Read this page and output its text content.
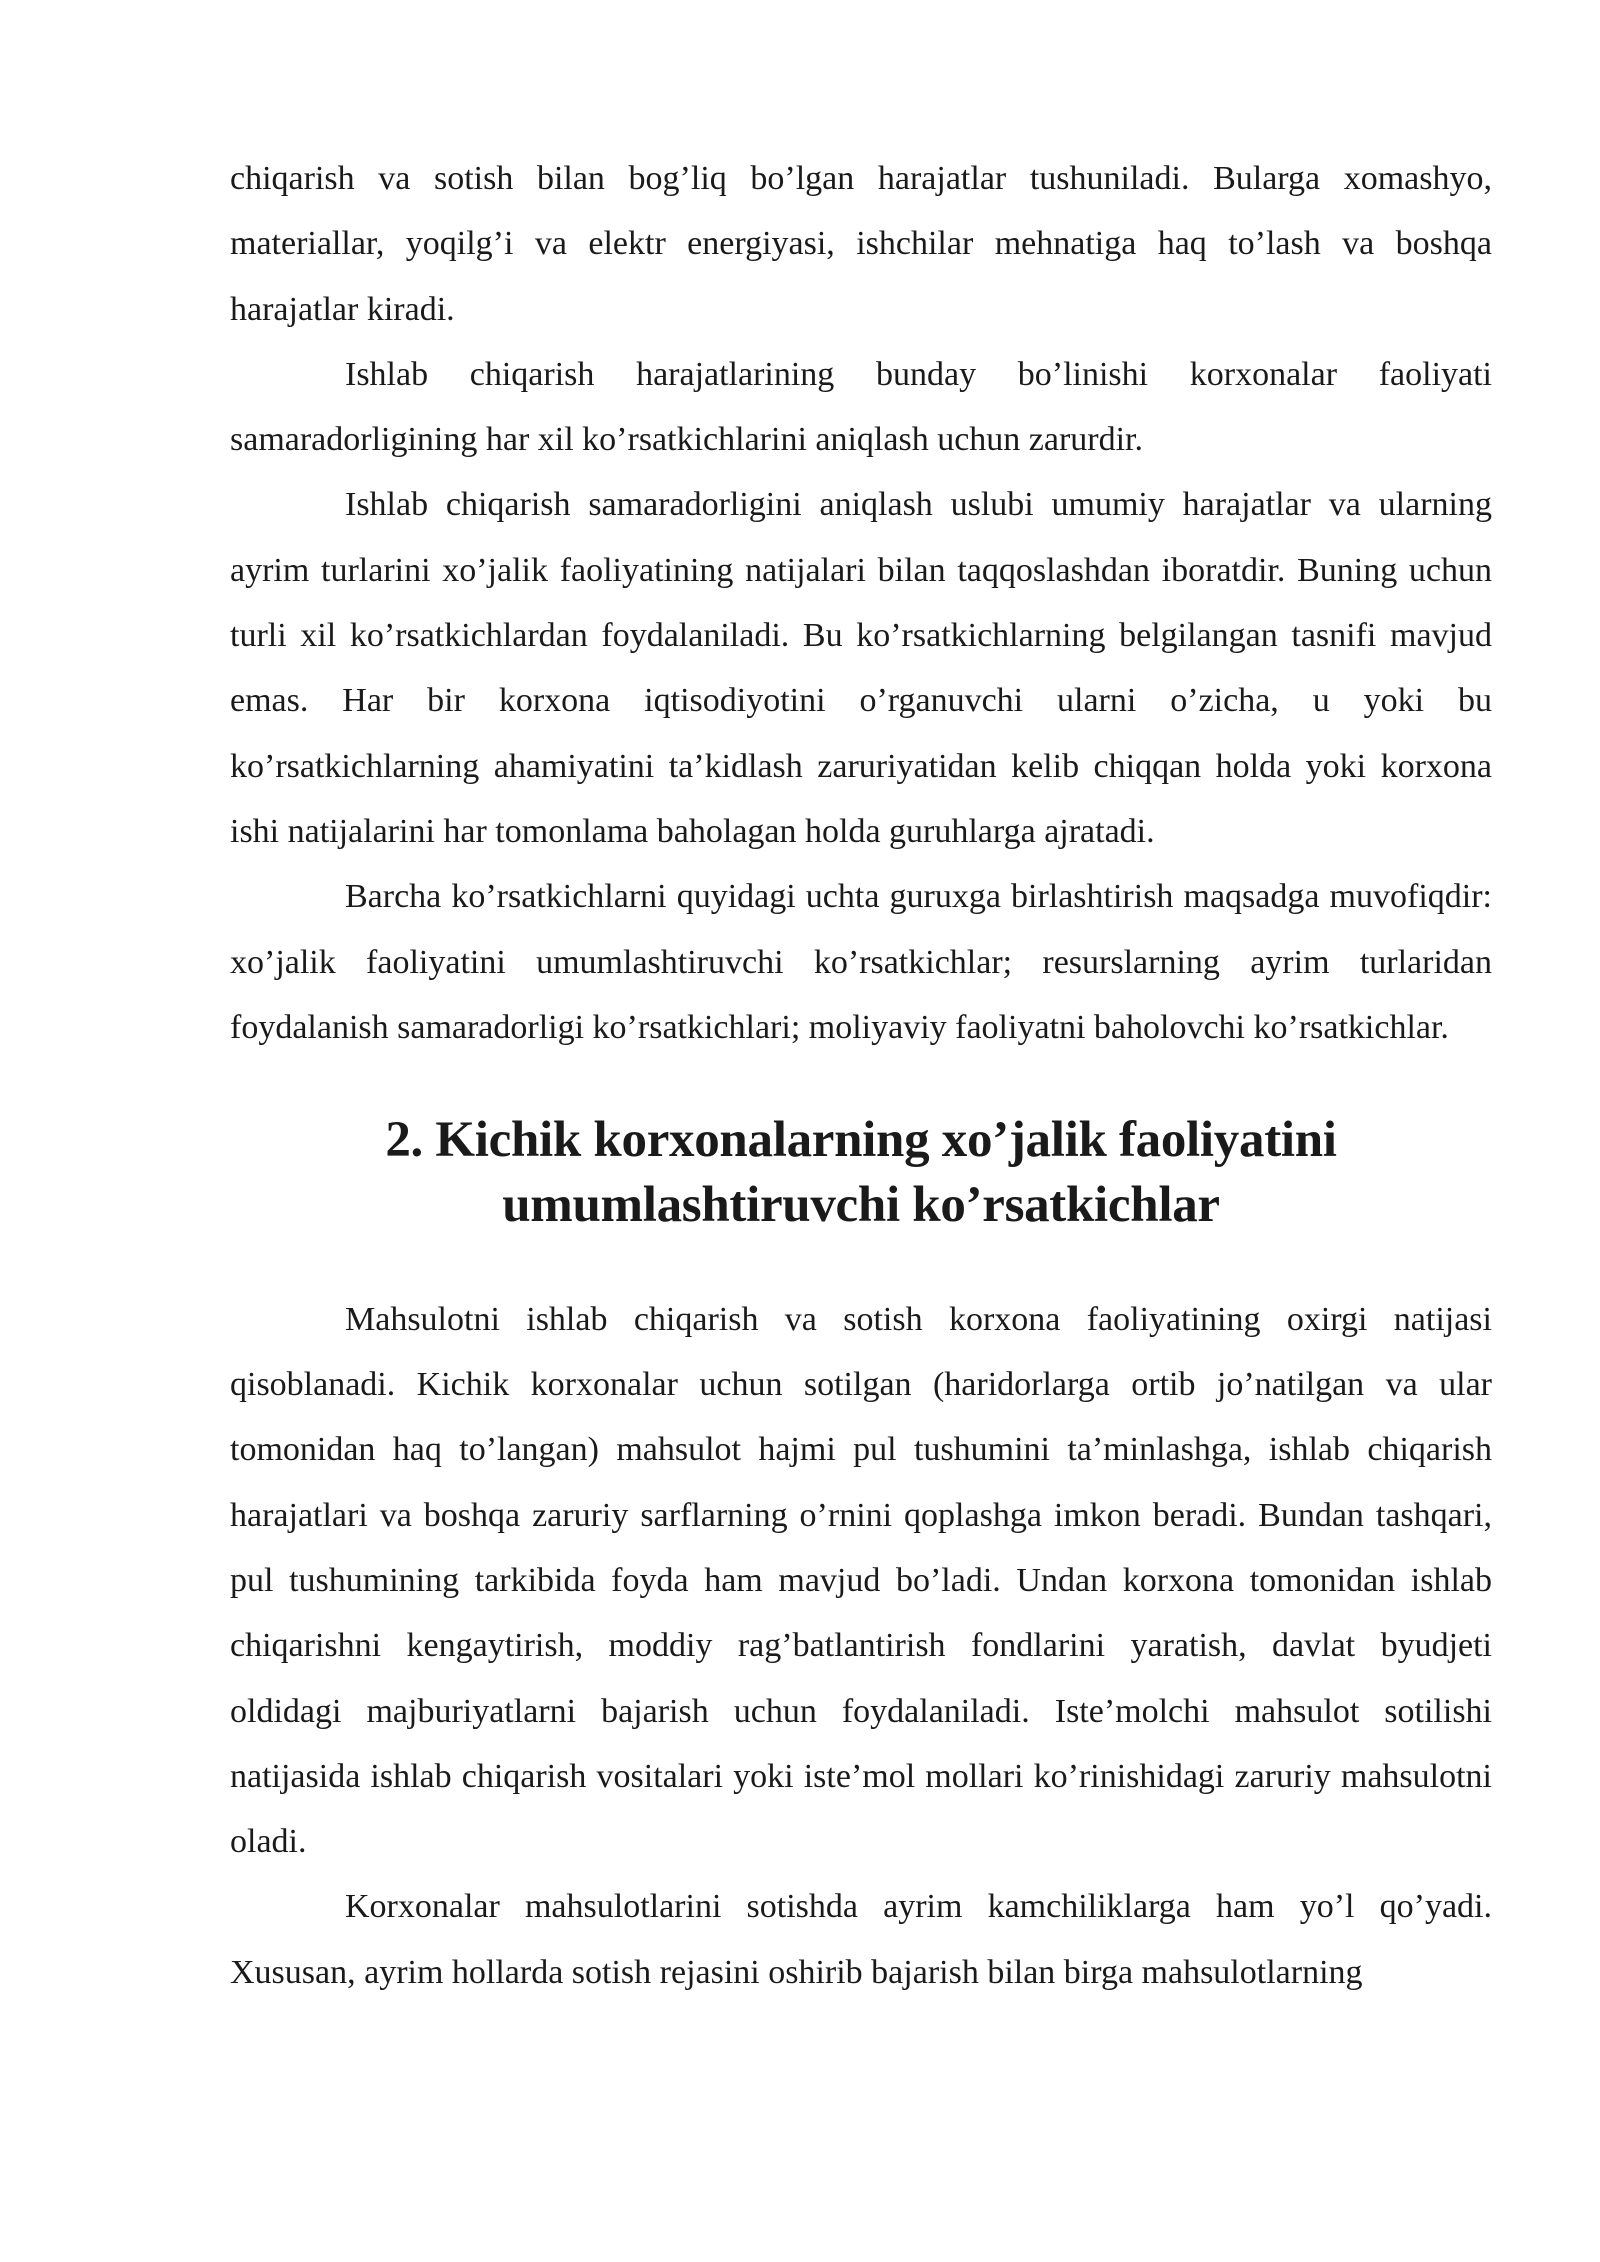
chiqarish va sotish bilan bog’liq bo’lgan harajatlar tushuniladi. Bularga xomashyo, materiallar, yoqilg’i va elektr energiyasi, ishchilar mehnatiga haq to’lash va boshqa harajatlar kiradi.

Ishlab chiqarish harajatlarining bunday bo’linishi korxonalar faoliyati samaradorligining har xil ko’rsatkichlarini aniqlash uchun zarurdir.

Ishlab chiqarish samaradorligini aniqlash uslubi umumiy harajatlar va ularning ayrim turlarini xo’jalik faoliyatining natijalari bilan taqqoslashdan iboratdir. Buning uchun turli xil ko’rsatkichlardan foydalaniladi. Bu ko’rsatkichlarning belgilangan tasnifi mavjud emas. Har bir korxona iqtisodiyotini o’rganuvchi ularni o’zicha, u yoki bu ko’rsatkichlarning ahamiyatini ta’kidlash zaruriyatidan kelib chiqqan holda yoki korxona ishi natijalarini har tomonlama baholagan holda guruhlarga ajratadi.

Barcha ko’rsatkichlarni quyidagi uchta guruxga birlashtirish maqsadga muvofiqdir: xo’jalik faoliyatini umumlashtiruvchi ko’rsatkichlar; resurslarning ayrim turlaridan foydalanish samaradorligi ko’rsatkichlari; moliyaviy faoliyatni baholovchi ko’rsatkichlar.

2. Kichik korxonalarning xo’jalik faoliyatini umumlashtiruvchi ko’rsatkichlar

Mahsulotni ishlab chiqarish va sotish korxona faoliyatining oxirgi natijasi qisoblanadi. Kichik korxonalar uchun sotilgan (haridorlarga ortib jo’natilgan va ular tomonidan haq to’langan) mahsulot hajmi pul tushumini ta’minlashga, ishlab chiqarish harajatlari va boshqa zaruriy sarflarning o’rnini qoplashga imkon beradi. Bundan tashqari, pul tushumining tarkibida foyda ham mavjud bo’ladi. Undan korxona tomonidan ishlab chiqarishni kengaytirish, moddiy rag’batlantirish fondlarini yaratish, davlat byudjeti oldidagi majburiyatlarni bajarish uchun foydalaniladi. Iste’molchi mahsulot sotilishi natijasida ishlab chiqarish vositalari yoki iste’mol mollari ko’rinishidagi zaruriy mahsulotni oladi.

Korxonalar mahsulotlarini sotishda ayrim kamchiliklarga ham yo’l qo’yadi. Xususan, ayrim hollarda sotish rejasini oshirib bajarish bilan birga mahsulotlarning
